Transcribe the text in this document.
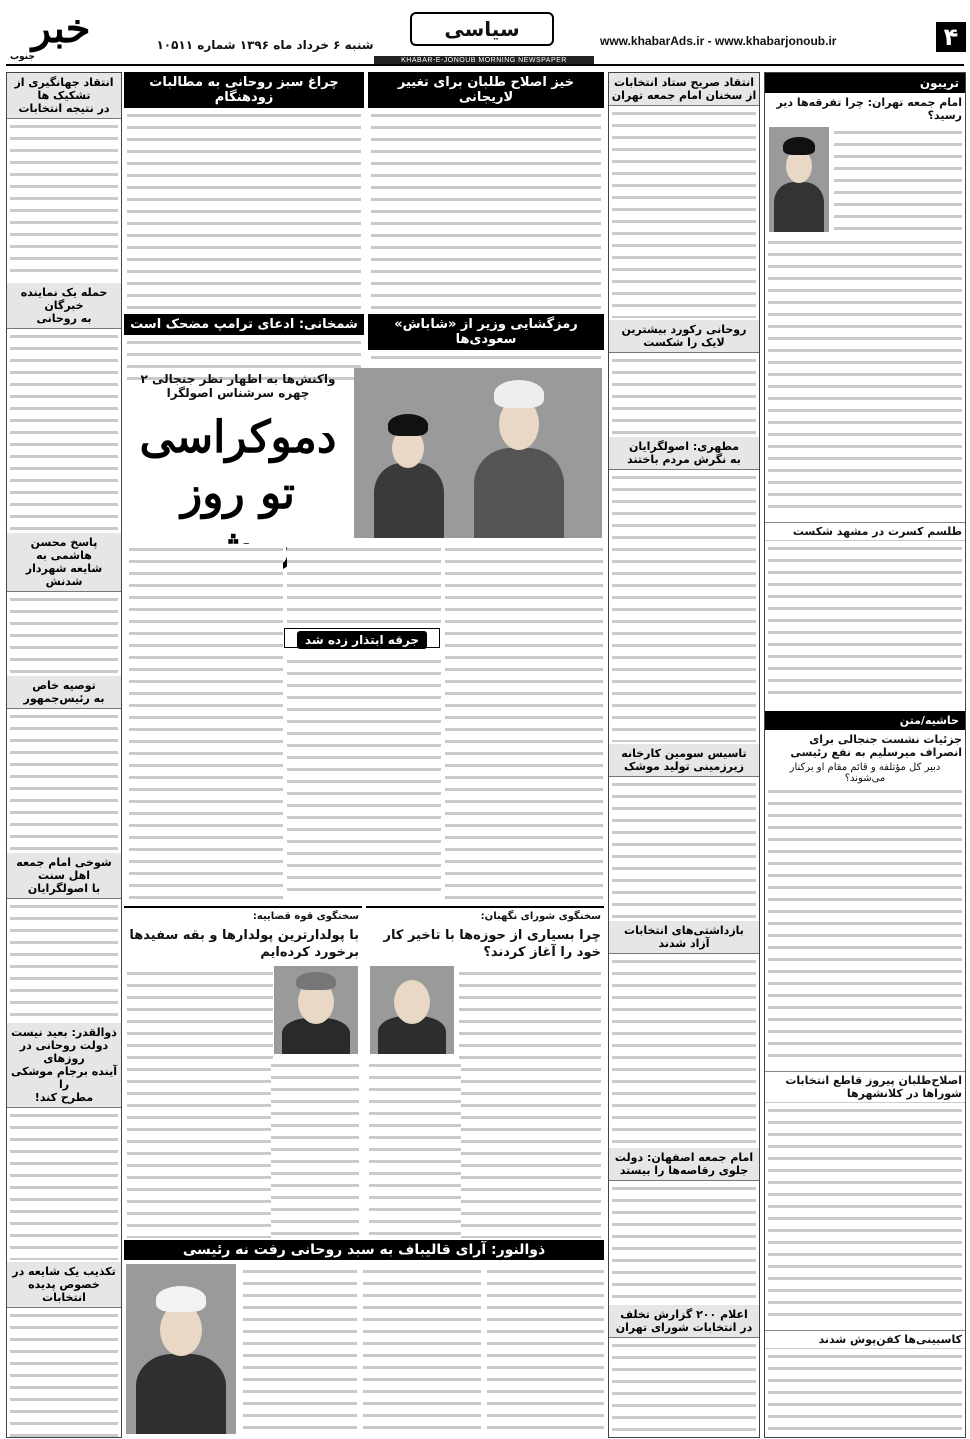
خبر
جنوب
شنبه ۶ خرداد ماه ۱۳۹۶ شماره ۱۰۵۱۱
سیاسی	www.khabarAds.ir - www.khabarjonoub.ir	۴
KHABAR-E-JONOUB MORNING NEWSPAPER
تریبون
امام جمعه تهران: چرا تفرقه‌ها دیر رسید؟
طلسم کسرت در مشهد شکست
حاشیه/متن
جزئیات نشست جنجالی برای انصراف میرسلیم به نفع رئیسی
دبیر کل مؤتلفه و قائم مقام او برکنار می‌شوند؟
اصلاح‌طلبان پیروز قاطع انتخابات شوراها در کلانشهرها
کاسبینی‌ها کفن‌پوش شدند
انتقاد صریح ستاد انتخابات
از سخنان امام جمعه تهران
روحانی رکورد بیشترین
لایک را شکست
مطهری: اصولگرایان
به نگرش مردم باختند
تاسیس سومین کارخانه
زیرزمینی تولید موشک
بازداشتی‌های انتخابات
آزاد شدند
امام جمعه اصفهان: دولت
جلوی رقاصه‌ها را بیستد
اعلام ۲۰۰ گزارش تخلف
در انتخابات شورای تهران
خیز اصلاح طلبان برای تغییر لاریجانی
چراغ سبز روحانی به مطالبات زودهنگام
رمزگشایی وزیر از «شاباش» سعودی‌ها
شمخانی: ادعای ترامپ مضحک است
واکنش‌ها به اظهار نظر جنجالی ۲ چهره سرشناس اصولگرا
دموکراسی
تو روز
جرقه ابتذار زده شد
سخنگوی شورای نگهبان:
چرا بسیاری از حوزه‌ها با تاخیر کار خود را آغاز کردند؟
سخنگوی قوه قضاییه:
با پولدارترین پولدارها و بقه سفیدها برخورد کرده‌ایم
ذوالنور: آرای قالیباف به سبد روحانی رفت نه رئیسی
انتقاد جهانگیری از تشکیک ها
در نتیجه انتخابات
حمله یک نماینده خبرگان
به روحانی
پاسخ محسن هاشمی به
شایعه شهردار شدنش
توصیه خاص
به رئیس‌جمهور
شوخی امام جمعه اهل سنت
با اصولگرایان
ذوالقدر: بعید نیست
دولت روحانی در روزهای
آینده برجام موشکی را
مطرح کند!
تکذیب یک شایعه در
خصوص پدیده انتخابات
